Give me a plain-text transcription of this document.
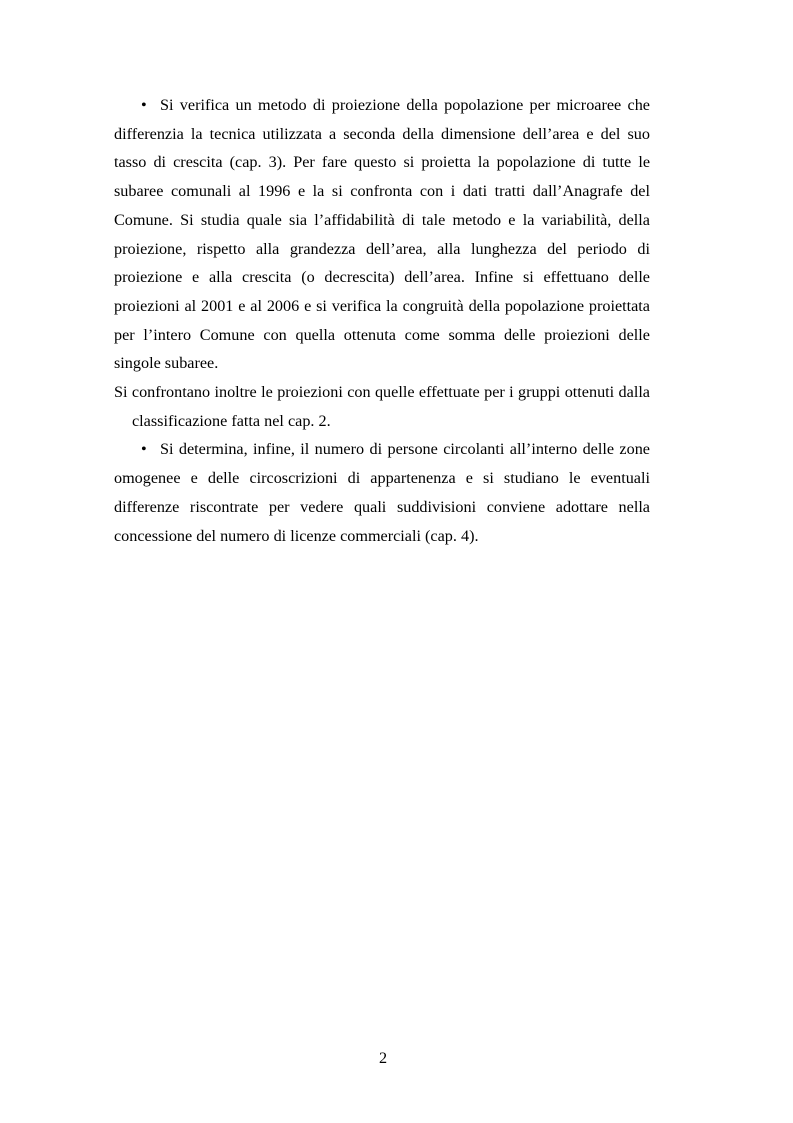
• Si verifica un metodo di proiezione della popolazione per microaree che differenzia la tecnica utilizzata a seconda della dimensione dell’area e del suo tasso di crescita (cap. 3). Per fare questo si proietta la popolazione di tutte le subaree comunali al 1996 e la si confronta con i dati tratti dall’Anagrafe del Comune. Si studia quale sia l’affidabilità di tale metodo e la variabilità, della proiezione, rispetto alla grandezza dell’area, alla lunghezza del periodo di proiezione e alla crescita (o decrescita) dell’area. Infine si effettuano delle proiezioni al 2001 e al 2006 e si verifica la congruità della popolazione proiettata per l’intero Comune con quella ottenuta come somma delle proiezioni delle singole subaree.

Si confrontano inoltre le proiezioni con quelle effettuate per i gruppi ottenuti dalla classificazione fatta nel cap. 2.

• Si determina, infine, il numero di persone circolanti all’interno delle zone omogenee e delle circoscrizioni di appartenenza e si studiano le eventuali differenze riscontrate per vedere quali suddivisioni conviene adottare nella concessione del numero di licenze commerciali (cap. 4).

2
